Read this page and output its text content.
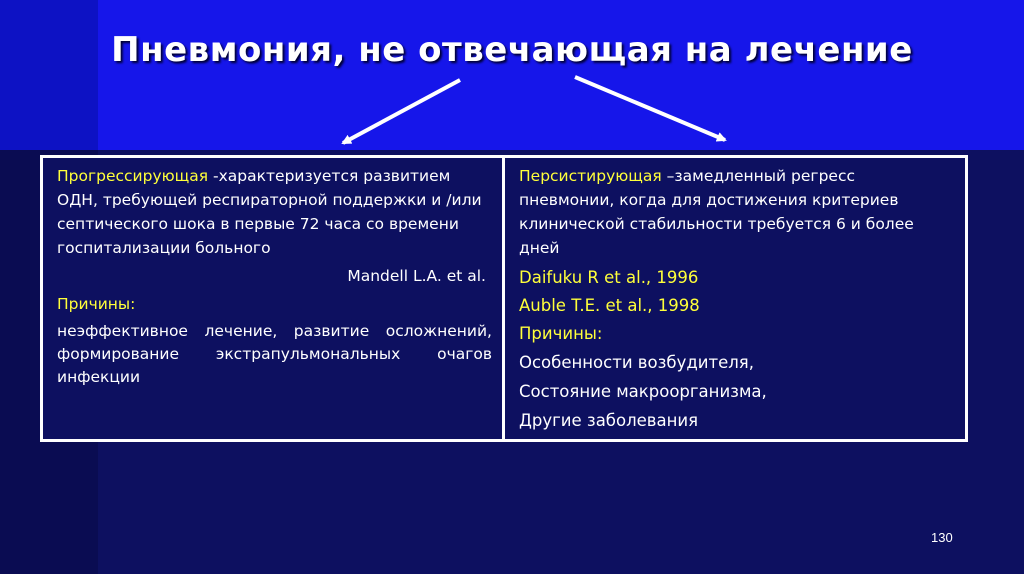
Пневмония, не отвечающая на лечение
Прогрессирующая -характеризуется развитием ОДН, требующей респираторной поддержки и /или септического шока в первые 72 часа со времени госпитализации больного
Mandell L.A. et al.
Причины:
неэффективное лечение, развитие осложнений, формирование экстрапульмональных очагов инфекции
Персистирующая –замедленный регресс пневмонии, когда для достижения критериев клинической стабильности требуется 6 и более дней
Daifuku R et al., 1996
Auble T.E. et al., 1998
Причины:
Особенности возбудителя,
Состояние макроорганизма,
Другие заболевания
130
